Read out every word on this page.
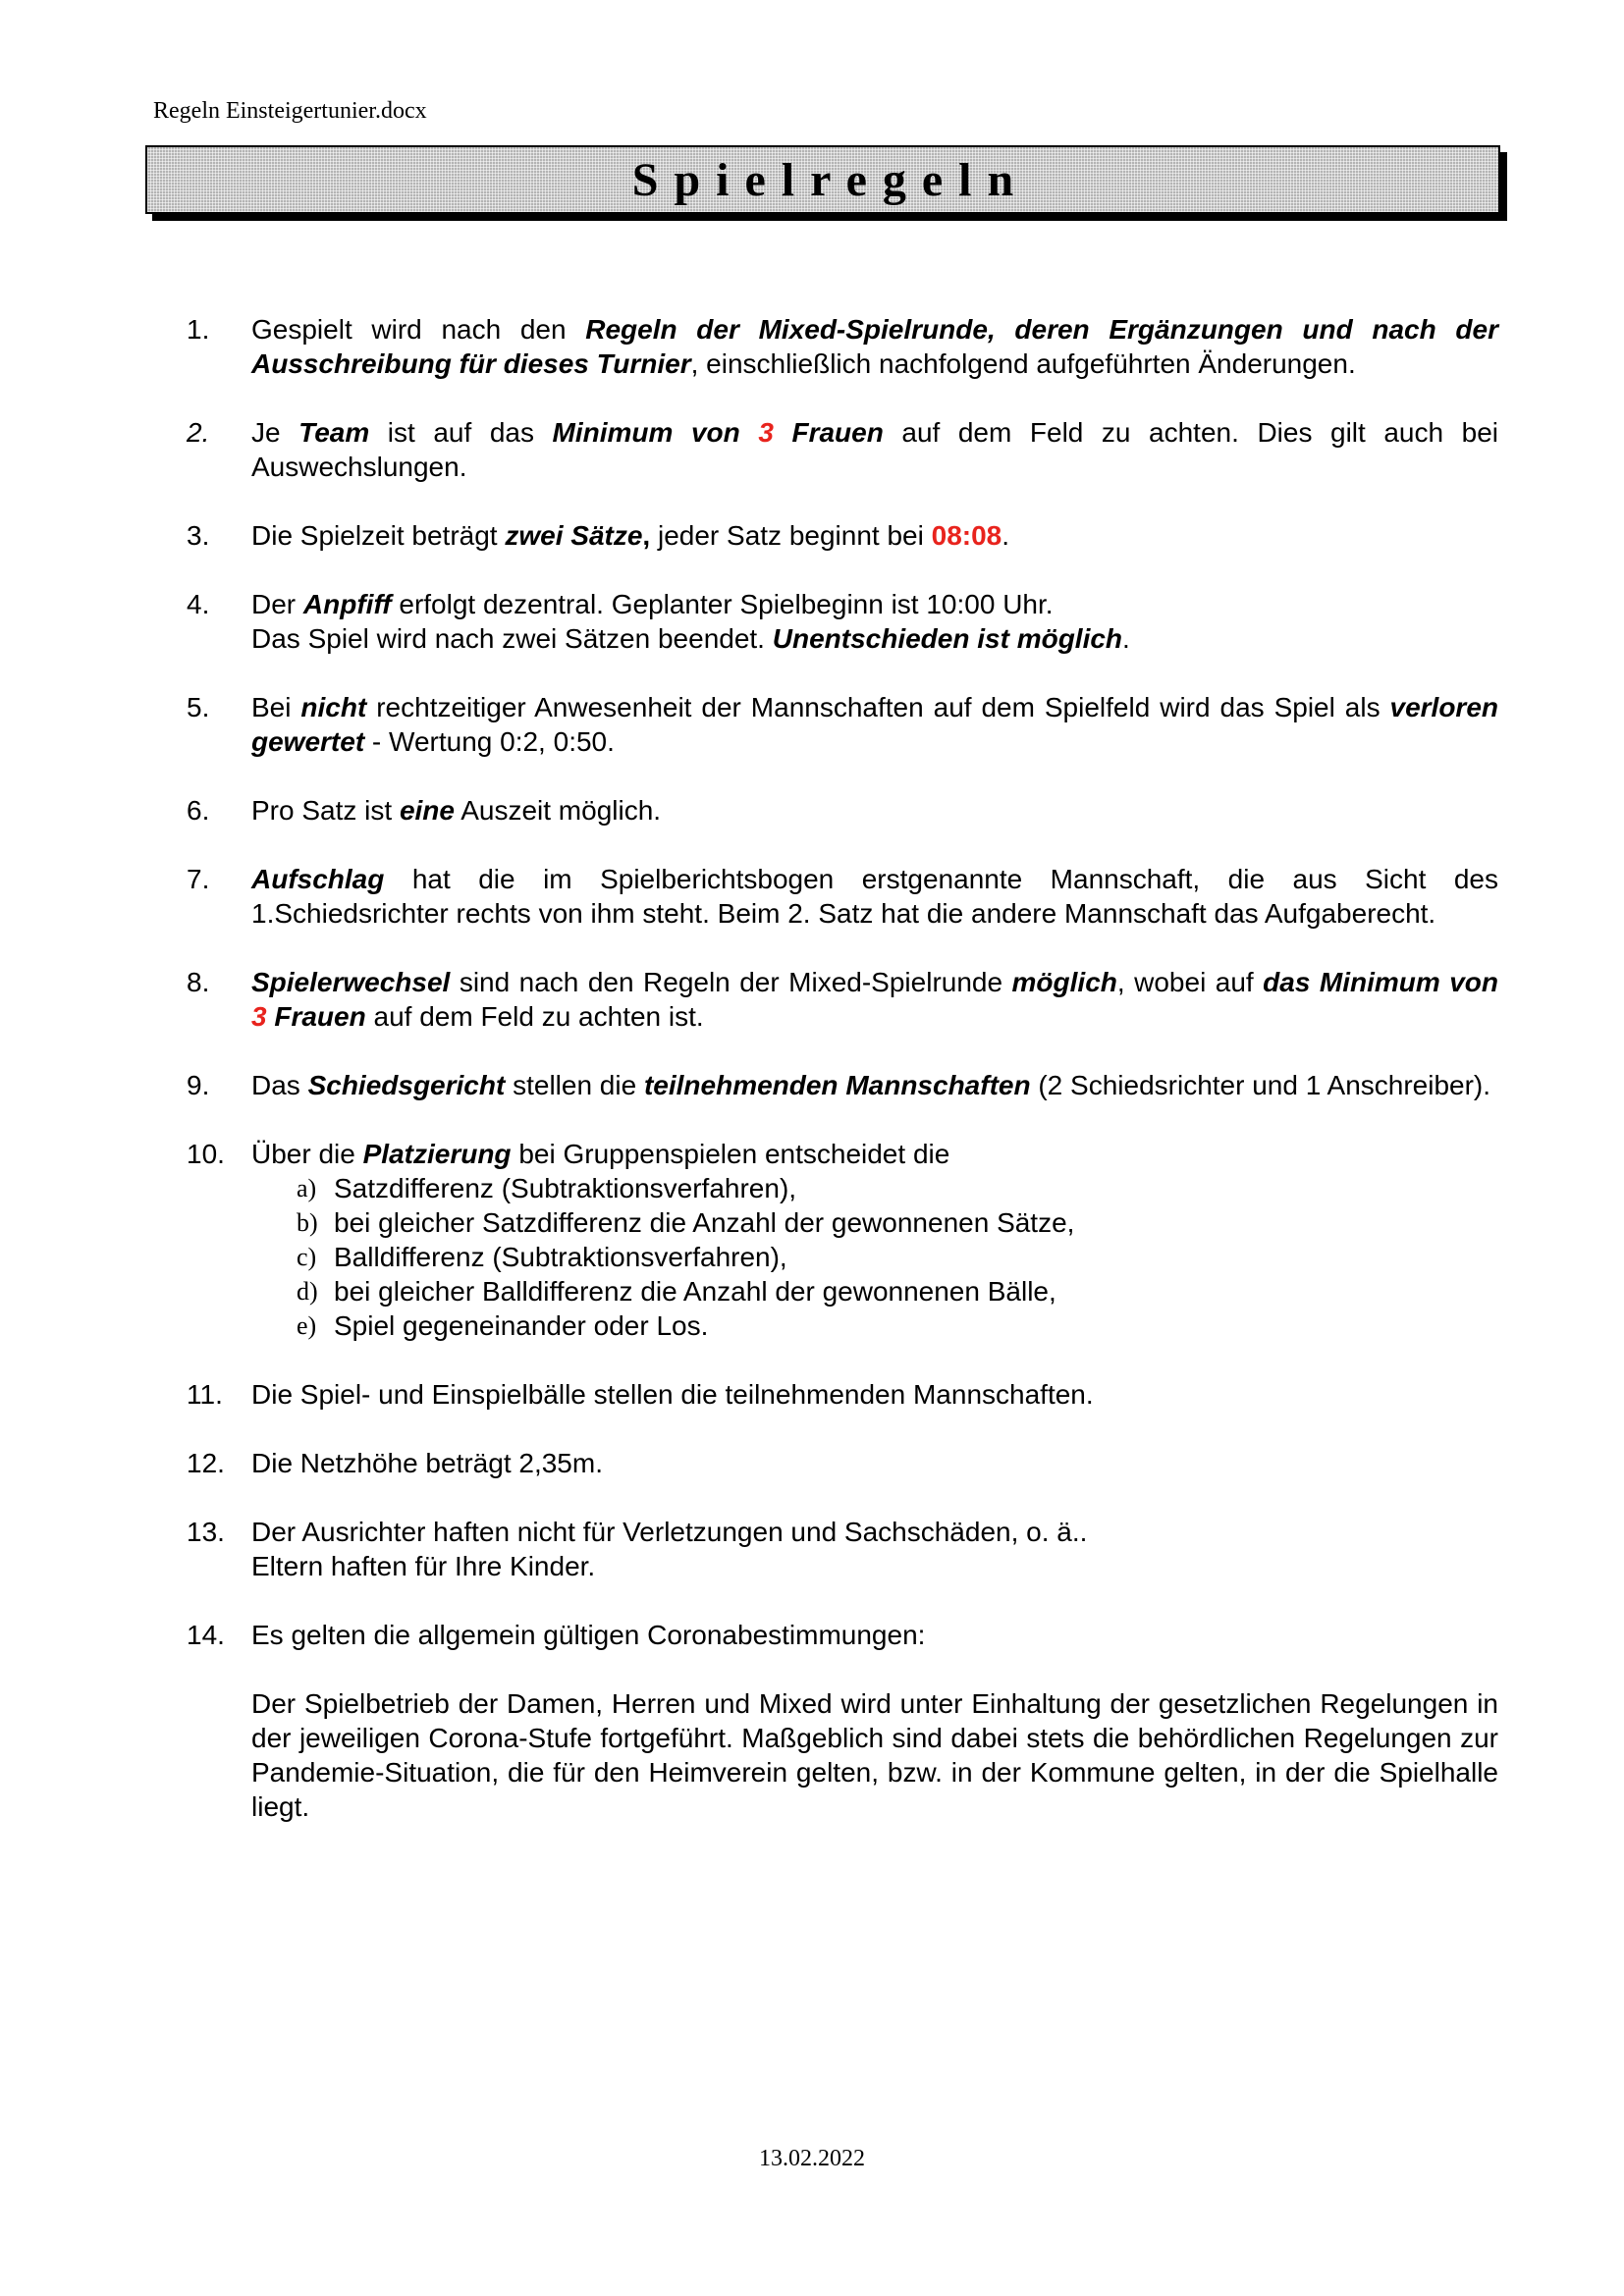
Regeln Einsteigertunier.docx
Spielregeln
1.	Gespielt wird nach den Regeln der Mixed-Spielrunde, deren Ergänzungen und nach der Ausschreibung für dieses Turnier, einschließlich nachfolgend aufgeführten Änderungen.
2.	Je Team ist auf das Minimum von 3 Frauen auf dem Feld zu achten. Dies gilt auch bei Auswechslungen.
3.	Die Spielzeit beträgt zwei Sätze, jeder Satz beginnt bei 08:08.
4.	Der Anpfiff erfolgt dezentral. Geplanter Spielbeginn ist 10:00 Uhr.
Das Spiel wird nach zwei Sätzen beendet. Unentschieden ist möglich.
5.	Bei nicht rechtzeitiger Anwesenheit der Mannschaften auf dem Spielfeld wird das Spiel als verloren gewertet - Wertung 0:2, 0:50.
6.	Pro Satz ist eine Auszeit möglich.
7.	Aufschlag hat die im Spielberichtsbogen erstgenannte Mannschaft, die aus Sicht des 1.Schiedsrichter rechts von ihm steht. Beim 2. Satz hat die andere Mannschaft das Aufgaberecht.
8.	Spielerwechsel sind nach den Regeln der Mixed-Spielrunde möglich, wobei auf das Minimum von 3 Frauen auf dem Feld zu achten ist.
9.	Das Schiedsgericht stellen die teilnehmenden Mannschaften (2 Schiedsrichter und 1 Anschreiber).
10. Über die Platzierung bei Gruppenspielen entscheidet die
a) Satzdifferenz (Subtraktionsverfahren),
b) bei gleicher Satzdifferenz die Anzahl der gewonnenen Sätze,
c) Balldifferenz (Subtraktionsverfahren),
d) bei gleicher Balldifferenz die Anzahl der gewonnenen Bälle,
e) Spiel gegeneinander oder Los.
11.	Die Spiel- und Einspielbälle stellen die teilnehmenden Mannschaften.
12. Die Netzhöhe beträgt 2,35m.
13. Der Ausrichter haften nicht für Verletzungen und Sachschäden, o. ä..
Eltern haften für Ihre Kinder.
14. Es gelten die allgemein gültigen Coronabestimmungen:
Der Spielbetrieb der Damen, Herren und Mixed wird unter Einhaltung der gesetzlichen Regelungen in der jeweiligen Corona-Stufe fortgeführt. Maßgeblich sind dabei stets die behördlichen Regelungen zur Pandemie-Situation, die für den Heimverein gelten, bzw. in der Kommune gelten, in der die Spielhalle liegt.
13.02.2022
